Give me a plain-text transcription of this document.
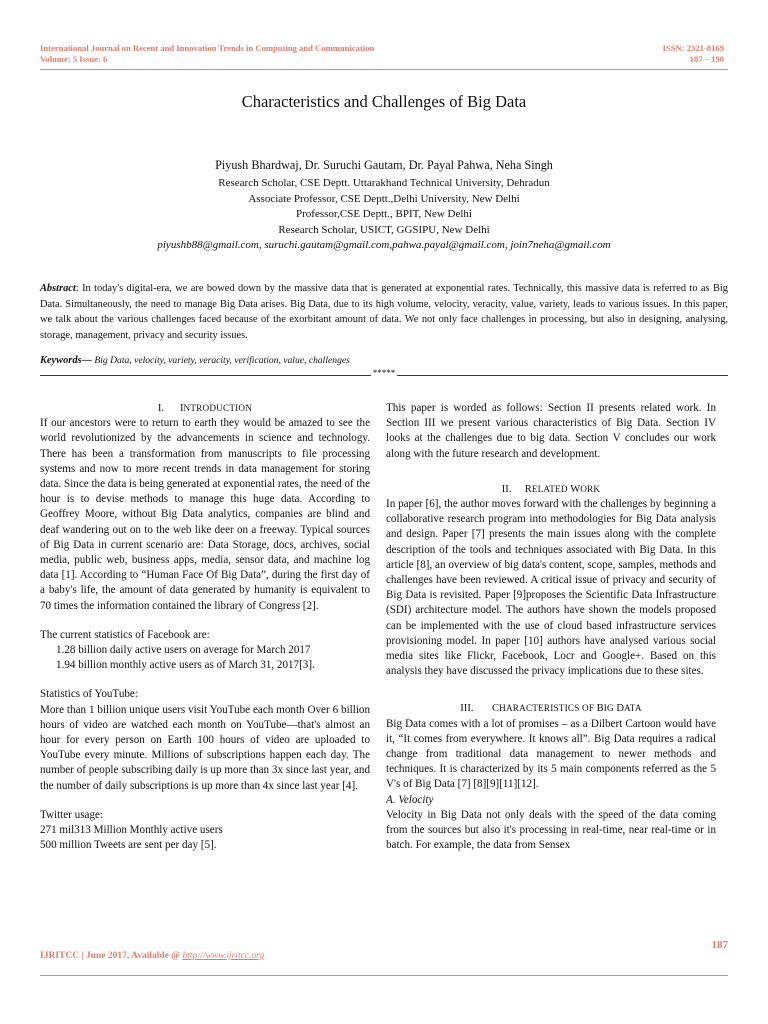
International Journal on Recent and Innovation Trends in Computing and Communication
Volume: 5 Issue: 6
ISSN: 2321-8169
187 – 190
Characteristics and Challenges of Big Data
Piyush Bhardwaj, Dr. Suruchi Gautam, Dr. Payal Pahwa, Neha Singh
Research Scholar, CSE Deptt. Uttarakhand Technical University, Dehradun
Associate Professor, CSE Deptt.,Delhi University, New Delhi
Professor,CSE Deptt., BPIT, New Delhi
Research Scholar, USICT, GGSIPU, New Delhi
piyushb88@gmail.com, suruchi.gautam@gmail.com,pahwa.payal@gmail.com, join7neha@gmail.com
Abstract: In today's digital-era, we are bowed down by the massive data that is generated at exponential rates. Technically, this massive data is referred to as Big Data. Simultaneously, the need to manage Big Data arises. Big Data, due to its high volume, velocity, veracity, value, variety, leads to various issues. In this paper, we talk about the various challenges faced because of the exorbitant amount of data. We not only face challenges in processing, but also in designing, analysing, storage, management, privacy and security issues.
Keywords— Big Data, velocity, variety, veracity, verification, value, challenges
*****
I. INTRODUCTION

If our ancestors were to return to earth they would be amazed to see the world revolutionized by the advancements in science and technology. There has been a transformation from manuscripts to file processing systems and now to more recent trends in data management for storing data. Since the data is being generated at exponential rates, the need of the hour is to devise methods to manage this huge data. According to Geoffrey Moore, without Big Data analytics, companies are blind and deaf wandering out on to the web like deer on a freeway. Typical sources of Big Data in current scenario are: Data Storage, docs, archives, social media, public web, business apps, media, sensor data, and machine log data [1]. According to “Human Face Of Big Data”, during the first day of a baby's life, the amount of data generated by humanity is equivalent to 70 times the information contained the library of Congress [2].

The current statistics of Facebook are:

1.28 billion daily active users on average for March 2017

1.94 billion monthly active users as of March 31, 2017[3].

Statistics of YouTube:

More than 1 billion unique users visit YouTube each month Over 6 billion hours of video are watched each month on YouTube—that's almost an hour for every person on Earth 100 hours of video are uploaded to YouTube every minute. Millions of subscriptions happen each day. The number of people subscribing daily is up more than 3x since last year, and the number of daily subscriptions is up more than 4x since last year [4].

Twitter usage:

271 mil313 Million Monthly active users

500 million Tweets are sent per day [5].

This paper is worded as follows: Section II presents related work. In Section III we present various characteristics of Big Data. Section IV looks at the challenges due to big data. Section V concludes our work along with the future research and development.

II. RELATED WORK

In paper [6], the author moves forward with the challenges by beginning a collaborative research program into methodologies for Big Data analysis and design. Paper [7] presents the main issues along with the complete description of the tools and techniques associated with Big Data. In this article [8], an overview of big data's content, scope, samples, methods and challenges have been reviewed. A critical issue of privacy and security of Big Data is revisited. Paper [9]proposes the Scientific Data Infrastructure (SDI) architecture model. The authors have shown the models proposed can be implemented with the use of cloud based infrastructure services provisioning model. In paper [10] authors have analysed various social media sites like Flickr, Facebook, Locr and Google+. Based on this analysis they have discussed the privacy implications due to these sites.

III. CHARACTERISTICS OF BIG DATA

Big Data comes with a lot of promises – as a Dilbert Cartoon would have it, “It comes from everywhere. It knows all”. Big Data requires a radical change from traditional data management to newer methods and techniques. It is characterized by its 5 main components referred as the 5 V's of Big Data [7] [8][9][11][12].

A. Velocity

Velocity in Big Data not only deals with the speed of the data coming from the sources but also it's processing in real-time, near real-time or in batch. For example, the data from Sensex

187
IJRITCC | June 2017, Available @ http://www.ijritcc.org
